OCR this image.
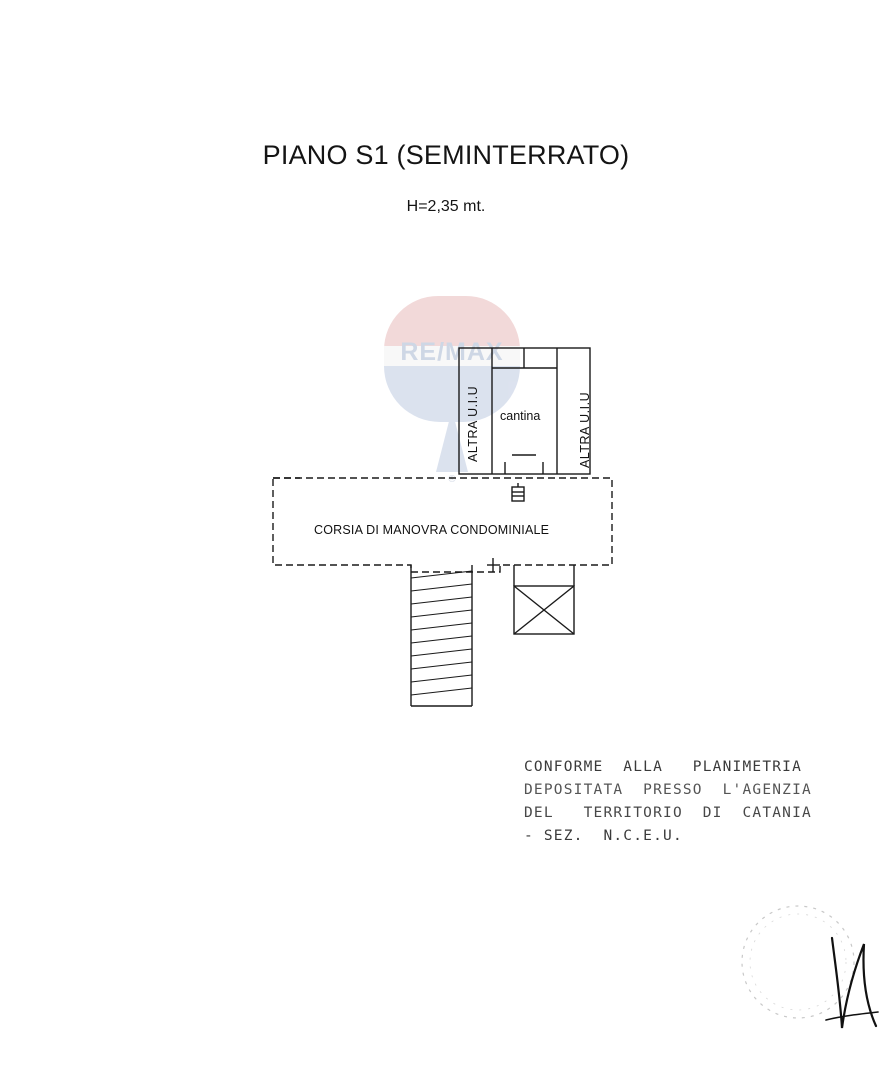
PIANO S1 (SEMINTERRATO)
H=2,35 mt.
RE/MAX
®
cantina
ALTRA U.I.U	ALTRA U.I.U
CORSIA DI MANOVRA CONDOMINIALE
CONFORME  ALLA   PLANIMETRIA
DEPOSITATA  PRESSO  L'AGENZIA
DEL   TERRITORIO  DI  CATANIA
- SEZ.  N.C.E.U.
